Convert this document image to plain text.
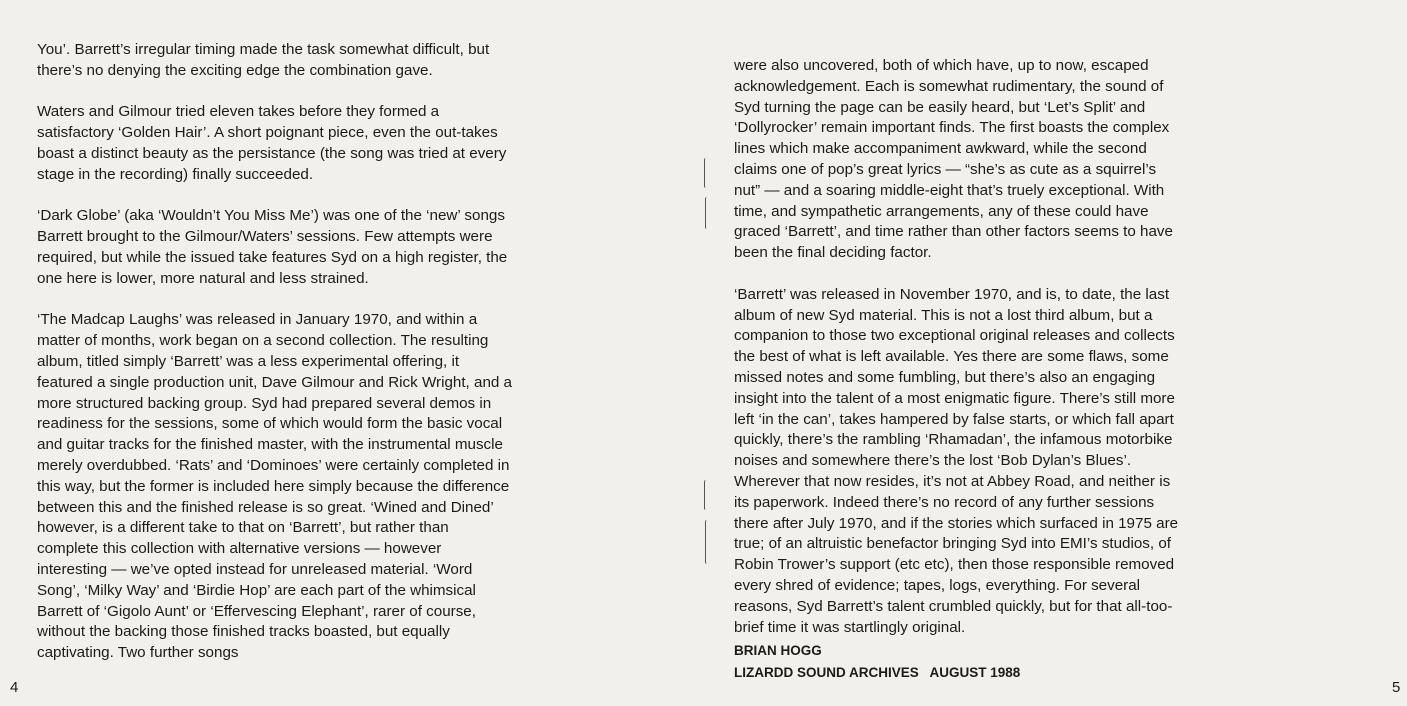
You’. Barrett’s irregular timing made the task somewhat difficult, but there’s no denying the exciting edge the combination gave.

Waters and Gilmour tried eleven takes before they formed a satisfactory ‘Golden Hair’. A short poignant piece, even the out-takes boast a distinct beauty as the persistance (the song was tried at every stage in the recording) finally succeeded.

‘Dark Globe’ (aka ‘Wouldn’t You Miss Me’) was one of the ‘new’ songs Barrett brought to the Gilmour/Waters’ sessions. Few attempts were required, but while the issued take features Syd on a high register, the one here is lower, more natural and less strained.

‘The Madcap Laughs’ was released in January 1970, and within a matter of months, work began on a second collection. The resulting album, titled simply ‘Barrett’ was a less experimental offering, it featured a single production unit, Dave Gilmour and Rick Wright, and a more structured backing group. Syd had prepared several demos in readiness for the sessions, some of which would form the basic vocal and guitar tracks for the finished master, with the instrumental muscle merely overdubbed. ‘Rats’ and ‘Dominoes’ were certainly completed in this way, but the former is included here simply because the difference between this and the finished release is so great. ‘Wined and Dined’ however, is a different take to that on ‘Barrett’, but rather than complete this collection with alternative versions — however interesting — we’ve opted instead for unreleased material. ‘Word Song’, ‘Milky Way’ and ‘Birdie Hop’ are each part of the whimsical Barrett of ‘Gigolo Aunt’ or ‘Effervescing Elephant’, rarer of course, without the backing those finished tracks boasted, but equally captivating. Two further songs

were also uncovered, both of which have, up to now, escaped acknowledgement. Each is somewhat rudimentary, the sound of Syd turning the page can be easily heard, but ‘Let’s Split’ and ‘Dollyrocker’ remain important finds. The first boasts the complex lines which make accompaniment awkward, while the second claims one of pop’s great lyrics — “she’s as cute as a squirrel’s nut” — and a soaring middle-eight that’s truely exceptional. With time, and sympathetic arrangements, any of these could have graced ‘Barrett’, and time rather than other factors seems to have been the final deciding factor.

‘Barrett’ was released in November 1970, and is, to date, the last album of new Syd material. This is not a lost third album, but a companion to those two exceptional original releases and collects the best of what is left available. Yes there are some flaws, some missed notes and some fumbling, but there’s also an engaging insight into the talent of a most enigmatic figure. There’s still more left ‘in the can’, takes hampered by false starts, or which fall apart quickly, there’s the rambling ‘Rhamadan’, the infamous motorbike noises and somewhere there’s the lost ‘Bob Dylan’s Blues’. Wherever that now resides, it’s not at Abbey Road, and neither is its paperwork. Indeed there’s no record of any further sessions there after July 1970, and if the stories which surfaced in 1975 are true; of an altruistic benefactor bringing Syd into EMI’s studios, of Robin Trower’s support (etc etc), then those responsible removed every shred of evidence; tapes, logs, everything. For several reasons, Syd Barrett’s talent crumbled quickly, but for that all-too-brief time it was startlingly original.

BRIAN HOGG
LIZARDD SOUND ARCHIVES   AUGUST 1988
4	5
